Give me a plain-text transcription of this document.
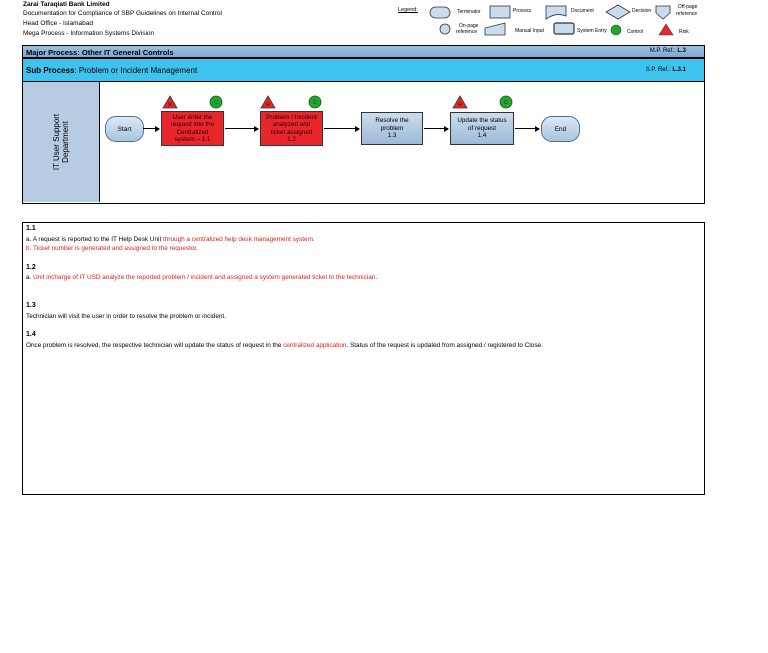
Zarai Taraqiati Bank Limited
Documentation for Compliance of SBP Guidelines on Internal Control
Head Office - Islamabad
Mega Process - Information Systems Division
Legend:	Terminator	Process	Document	Decision
Off-page
reference
On-page
reference	Manual Input	System Entry	Control	Risk
Major Process: Other IT General Controls	M.P. Ref.: L.3
Sub Process: Problem or Incident Management	S.P. Ref.: L.3.1
IT User Support
Department	Start
User enter the
request into the
Centralized
system – 1.1
Problem / Incident
analyzed and
ticket assigned
1.2
Resolve the
problem
1.3
Update the status
of request
1.4
End
R	C	R	C	R	C
1.1
a. A request is reported to the IT Help Desk Unit through a centralized help desk management system.
b. Ticket number is generated and assigned to the requestor.
1.2
a. Unit incharge of IT USD analyze the reported problem / incident and assigned a system generated ticket to the technician.
1.3
Technician will visit the user in order to resolve the problem or incident.
1.4
Once problem is resolved, the respective technician will update the status of request in the centralized application. Status of the request is updated from assigned / registered to Close.
